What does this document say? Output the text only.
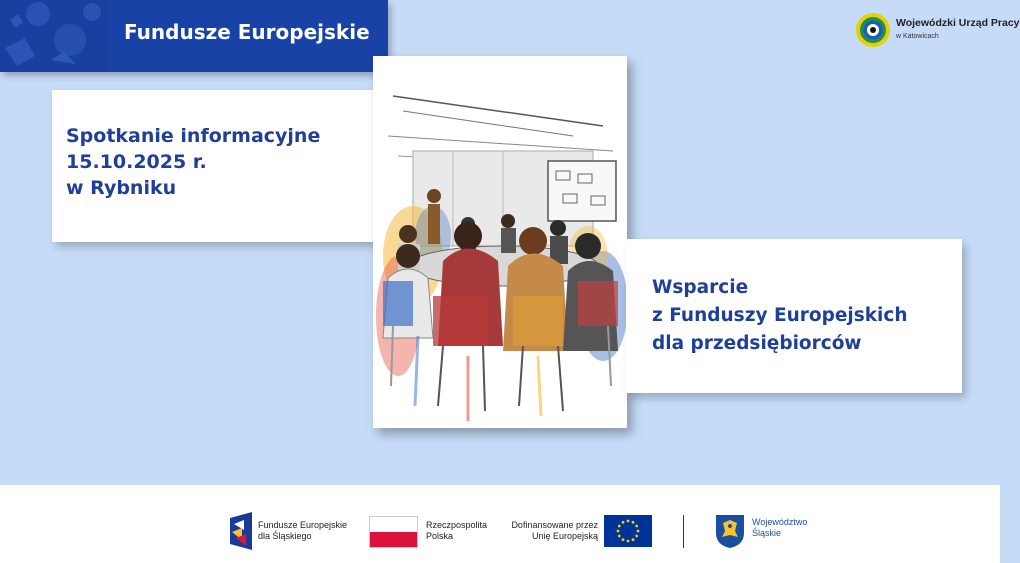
Fundusze Europejskie	Wojewódzki Urząd Pracy
w Katowicach
Spotkanie informacyjne
15.10.2025 r.
w Rybniku
Wsparcie
z Funduszy Europejskich
dla przedsiębiorców
Fundusze Europejskie
dla Śląskiego
Rzeczpospolita
Polska
Dofinansowane przez
Unię Europejską
Województwo
Śląskie
